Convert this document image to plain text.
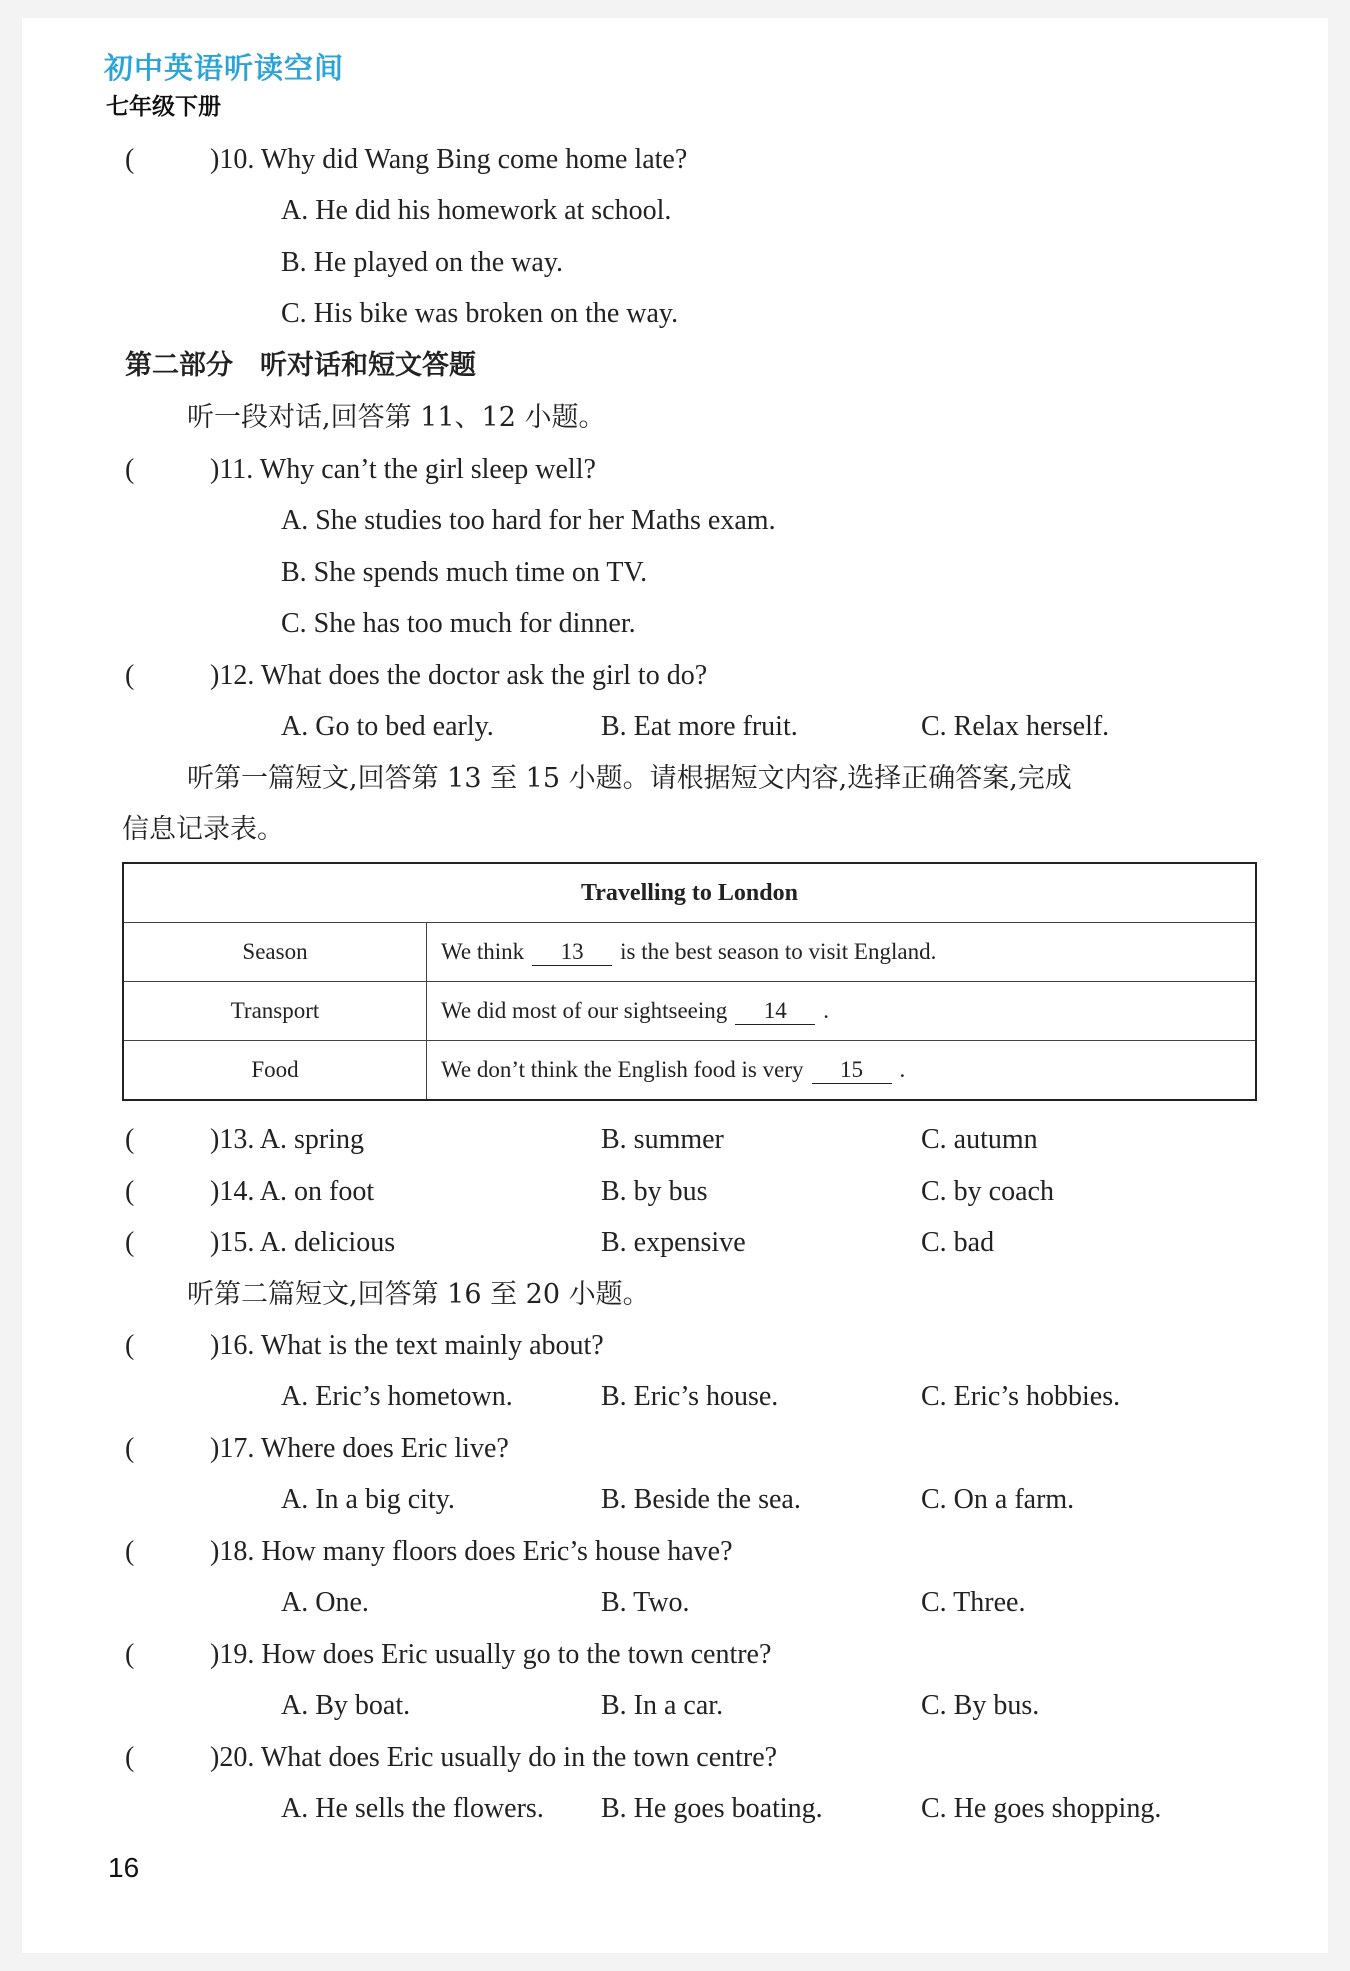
初中英语听读空间
七年级下册
(	)10. Why did Wang Bing come home late?
A. He did his homework at school.
B. He played on the way.
C. His bike was broken on the way.
第二部分　听对话和短文答题
听一段对话,回答第 11、12 小题。
(	)11. Why can’t the girl sleep well?
A. She studies too hard for her Maths exam.
B. She spends much time on TV.
C. She has too much for dinner.
(	)12. What does the doctor ask the girl to do?
A. Go to bed early.	B. Eat more fruit.	C. Relax herself.
听第一篇短文,回答第 13 至 15 小题。请根据短文内容,选择正确答案,完成
信息记录表。
Travelling to London	
Season	We think 13 is the best season to visit England.
Transport	We did most of our sightseeing 14 .
Food	We don’t think the English food is very 15 .
(	)13. A. spring	B. summer	C. autumn
(	)14. A. on foot	B. by bus	C. by coach
(	)15. A. delicious	B. expensive	C. bad
听第二篇短文,回答第 16 至 20 小题。
(	)16. What is the text mainly about?
A. Eric’s hometown.	B. Eric’s house.	C. Eric’s hobbies.
(	)17. Where does Eric live?
A. In a big city.	B. Beside the sea.	C. On a farm.
(	)18. How many floors does Eric’s house have?
A. One.	B. Two.	C. Three.
(	)19. How does Eric usually go to the town centre?
A. By boat.	B. In a car.	C. By bus.
(	)20. What does Eric usually do in the town centre?
A. He sells the flowers. B. He goes boating.	C. He goes shopping.
16
